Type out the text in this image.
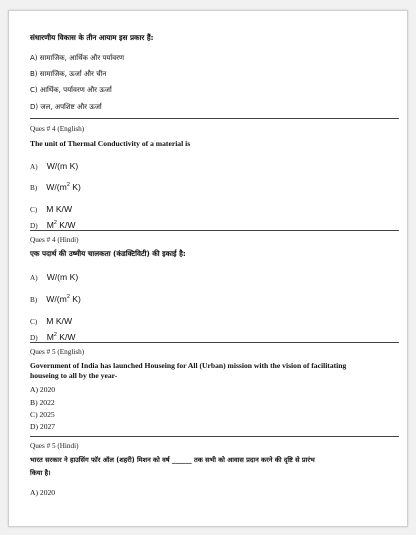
संधारणीय विकास के तीन आयाम इस प्रकार हैं:
A) सामाजिक, आर्थिक और पर्यावरण
B) सामाजिक, ऊर्जा और चीन
C) आर्थिक, पर्यावरण और ऊर्जा
D) जल, अपशिष्ट और ऊर्जा
Ques # 4 (English)
The unit of Thermal Conductivity of a material is
A) W/(m K)
B) $W/(m^2$ K)
C) M K/W
D) $M^2$ K/W
Ques # 4 (Hindi)
एक पदार्थ की उष्मीय चालकता (कंडक्टिविटी) की इकाई है:
A) W/(m K)
B) $W/(m^2$ K)
C) M K/W
D) $M^2$ K/W
Ques # 5 (English)
Government of India has launched Houseing for All (Urban) mission with the vision of facilitating
houseing to all by the year-
A) 2020
B) 2022
C) 2025
D) 2027
Ques # 5 (Hindi)
भारत सरकार ने हाउसिंग फॉर ऑल (शहरी) मिशन को वर्ष ______ तक सभी को आवास प्रदान करने की दृष्टि से प्रारंभ
किया है।
A) 2020
